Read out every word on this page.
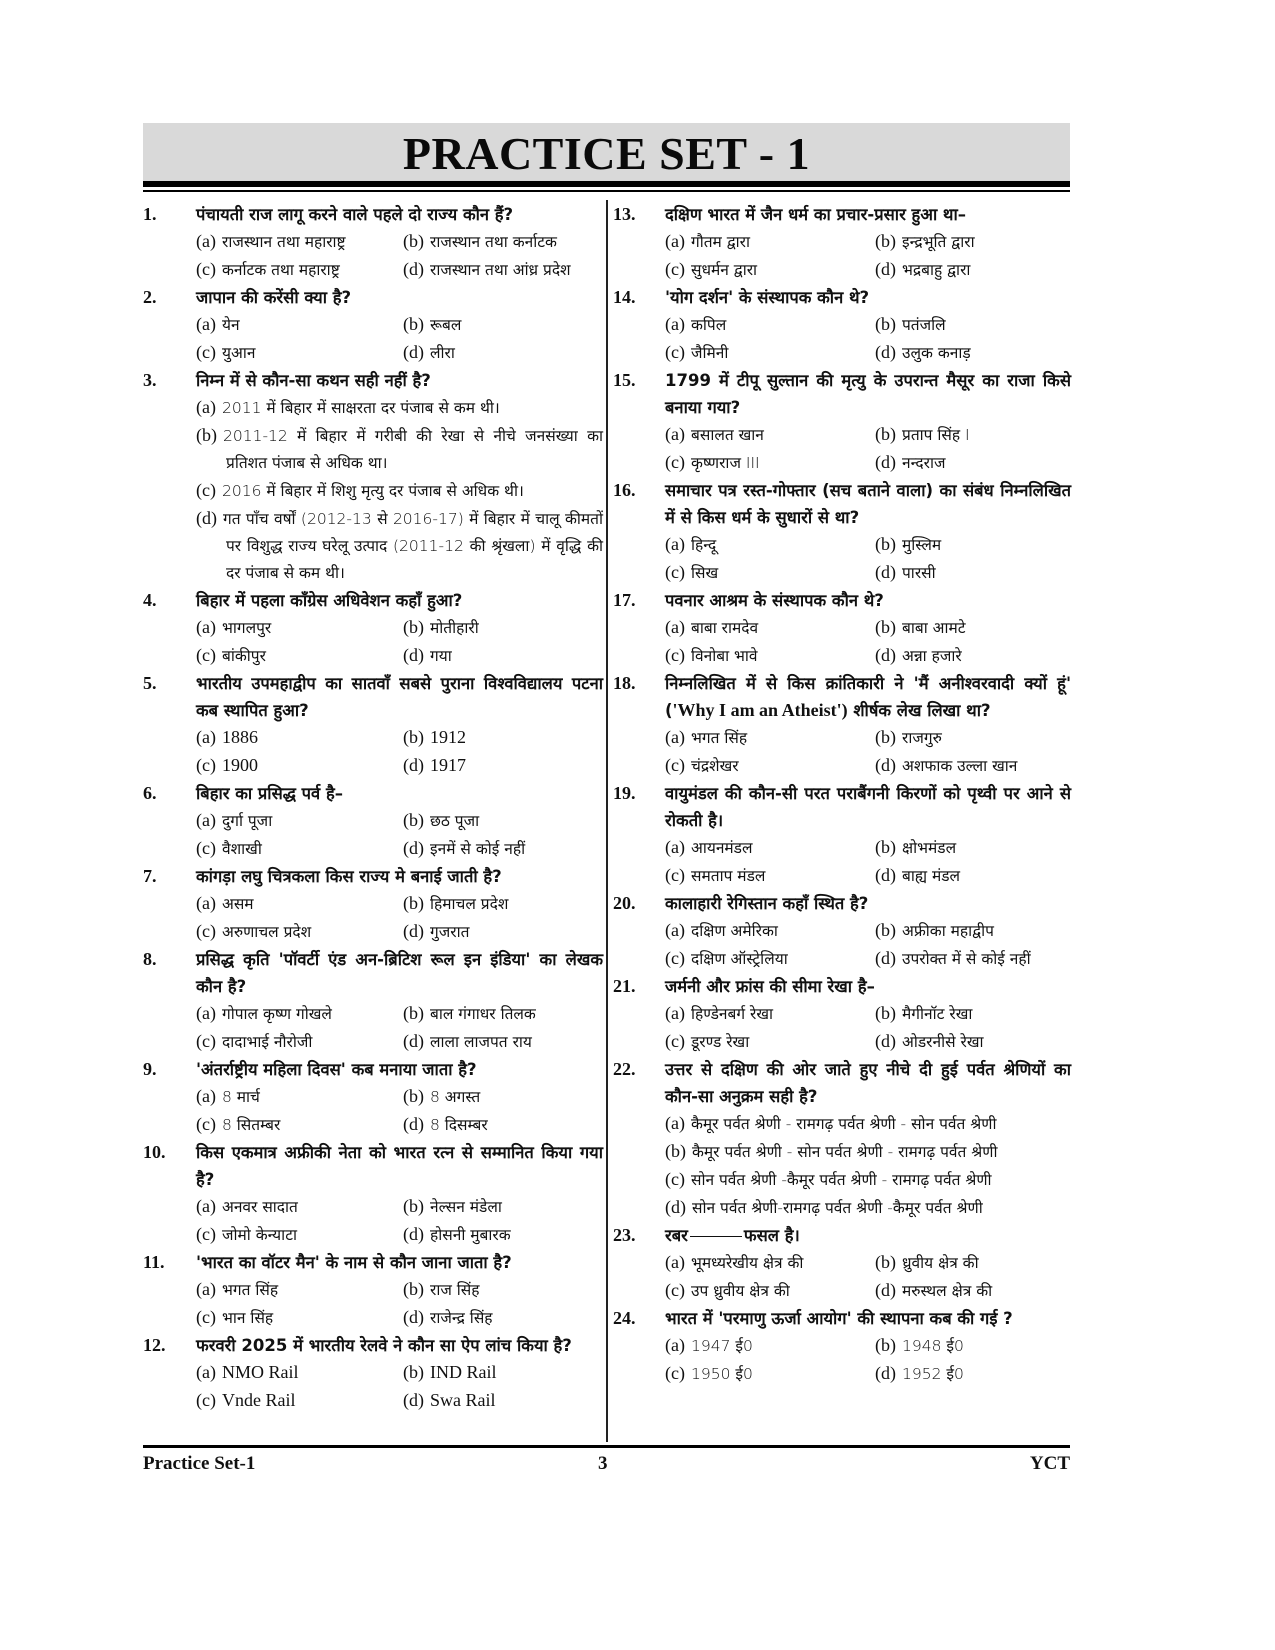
PRACTICE SET - 1
1.	पंचायती राज लागू करने वाले पहले दो राज्य कौन हैं?
(a) राजस्थान तथा महाराष्ट्र	(b) राजस्थान तथा कर्नाटक
(c) कर्नाटक तथा महाराष्ट्र	(d) राजस्थान तथा आंध्र प्रदेश
2.	जापान की करेंसी क्या है?
(a) येन	(b) रूबल
(c) युआन	(d) लीरा
3.	निम्न में से कौन-सा कथन सही नहीं है?
(a) 2011 में बिहार में साक्षरता दर पंजाब से कम थी।
(b) 2011-12 में बिहार में गरीबी की रेखा से नीचे जनसंख्या का प्रतिशत पंजाब से अधिक था।
(c) 2016 में बिहार में शिशु मृत्यु दर पंजाब से अधिक थी।
(d) गत पाँच वर्षों (2012-13 से 2016-17) में बिहार में चालू कीमतों पर विशुद्ध राज्य घरेलू उत्पाद (2011-12 की श्रृंखला) में वृद्धि की दर पंजाब से कम थी।
4.	बिहार में पहला काँग्रेस अधिवेशन कहाँ हुआ?
(a) भागलपुर	(b) मोतीहारी
(c) बांकीपुर	(d) गया
5.	भारतीय उपमहाद्वीप का सातवाँ सबसे पुराना विश्वविद्यालय पटना कब स्थापित हुआ?
(a) 1886	(b) 1912
(c) 1900	(d) 1917
6.	बिहार का प्रसिद्ध पर्व है–
(a) दुर्गा पूजा	(b) छठ पूजा
(c) वैशाखी	(d) इनमें से कोई नहीं
7.	कांगड़ा लघु चित्रकला किस राज्य मे बनाई जाती है?
(a) असम	(b) हिमाचल प्रदेश
(c) अरुणाचल प्रदेश	(d) गुजरात
8.	प्रसिद्ध कृति 'पॉवर्टी एंड अन-ब्रिटिश रूल इन इंडिया' का लेखक कौन है?
(a) गोपाल कृष्ण गोखले	(b) बाल गंगाधर तिलक
(c) दादाभाई नौरोजी	(d) लाला लाजपत राय
9.	'अंतर्राष्ट्रीय महिला दिवस' कब मनाया जाता है?
(a) 8 मार्च	(b) 8 अगस्त
(c) 8 सितम्बर	(d) 8 दिसम्बर
10.	किस एकमात्र अफ्रीकी नेता को भारत रत्न से सम्मानित किया गया है?
(a) अनवर सादात	(b) नेल्सन मंडेला
(c) जोमो केन्याटा	(d) होसनी मुबारक
11.	'भारत का वॉटर मैन' के नाम से कौन जाना जाता है?
(a) भगत सिंह	(b) राज सिंह
(c) भान सिंह	(d) राजेन्द्र सिंह
12.	फरवरी 2025 में भारतीय रेलवे ने कौन सा ऐप लांच किया है?
(a) NMO Rail	(b) IND Rail
(c) Vnde Rail	(d) Swa Rail
13.	दक्षिण भारत में जैन धर्म का प्रचार-प्रसार हुआ था–
(a) गौतम द्वारा	(b) इन्द्रभूति द्वारा
(c) सुधर्मन द्वारा	(d) भद्रबाहु द्वारा
14.	'योग दर्शन' के संस्थापक कौन थे?
(a) कपिल	(b) पतंजलि
(c) जैमिनी	(d) उलुक कनाड़
15.	1799 में टीपू सुल्तान की मृत्यु के उपरान्त मैसूर का राजा किसे बनाया गया?
(a) बसालत खान	(b) प्रताप सिंह I
(c) कृष्णराज III	(d) नन्दराज
16.	समाचार पत्र रस्त-गोफ्तार (सच बताने वाला) का संबंध निम्नलिखित में से किस धर्म के सुधारों से था?
(a) हिन्दू	(b) मुस्लिम
(c) सिख	(d) पारसी
17.	पवनार आश्रम के संस्थापक कौन थे?
(a) बाबा रामदेव	(b) बाबा आमटे
(c) विनोबा भावे	(d) अन्ना हजारे
18.	निम्नलिखित में से किस क्रांतिकारी ने 'मैं अनीश्वरवादी क्यों हूं' ('Why I am an Atheist') शीर्षक लेख लिखा था?
(a) भगत सिंह	(b) राजगुरु
(c) चंद्रशेखर	(d) अशफाक उल्ला खान
19.	वायुमंडल की कौन-सी परत पराबैंगनी किरणों को पृथ्वी पर आने से रोकती है।
(a) आयनमंडल	(b) क्षोभमंडल
(c) समताप मंडल	(d) बाह्य मंडल
20.	कालाहारी रेगिस्तान कहाँ स्थित है?
(a) दक्षिण अमेरिका	(b) अफ्रीका महाद्वीप
(c) दक्षिण ऑस्ट्रेलिया	(d) उपरोक्त में से कोई नहीं
21.	जर्मनी और फ्रांस की सीमा रेखा है–
(a) हिण्डेनबर्ग रेखा	(b) मैगीनॉट रेखा
(c) डूरण्ड रेखा	(d) ओडरनीसे रेखा
22.	उत्तर से दक्षिण की ओर जाते हुए नीचे दी हुई पर्वत श्रेणियों का कौन-सा अनुक्रम सही है?
(a) कैमूर पर्वत श्रेणी - रामगढ़ पर्वत श्रेणी - सोन पर्वत श्रेणी
(b) कैमूर पर्वत श्रेणी - सोन पर्वत श्रेणी - रामगढ़ पर्वत श्रेणी
(c) सोन पर्वत श्रेणी -कैमूर पर्वत श्रेणी - रामगढ़ पर्वत श्रेणी
(d) सोन पर्वत श्रेणी-रामगढ़ पर्वत श्रेणी -कैमूर पर्वत श्रेणी
23.	रबर	फसल है।
(a) भूमध्यरेखीय क्षेत्र की	(b) ध्रुवीय क्षेत्र की
(c) उप ध्रुवीय क्षेत्र की	(d) मरुस्थल क्षेत्र की
24.	भारत में 'परमाणु ऊर्जा आयोग' की स्थापना कब की गई ?
(a) 1947 ई0	(b) 1948 ई0
(c) 1950 ई0	(d) 1952 ई0
Practice Set-1	3	YCT
